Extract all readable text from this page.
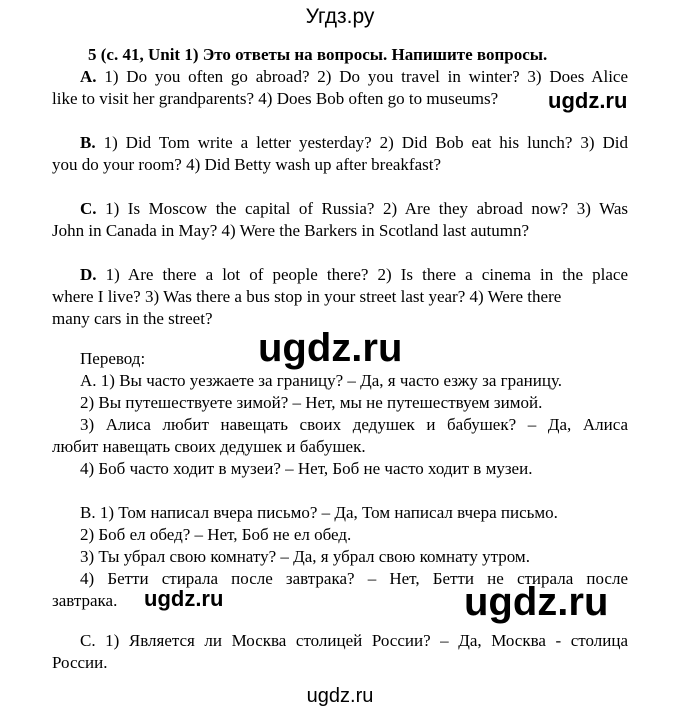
Угдз.ру
5 (с. 41, Unit 1) Это ответы на вопросы. Напишите вопросы.
A. 1) Do you often go abroad? 2) Do you travel in winter? 3) Does Alice
like to visit her grandparents? 4) Does Bob often go to museums?
B. 1) Did Tom write a letter yesterday? 2) Did Bob eat his lunch? 3) Did
you do your room? 4) Did Betty wash up after breakfast?
C. 1) Is Moscow the capital of Russia? 2) Are they abroad now? 3) Was
John in Canada in May? 4) Were the Barkers in Scotland last autumn?
D. 1) Are there a lot of people there? 2) Is there a cinema in the place
where I live? 3) Was there a bus stop in your street last year? 4) Were there
many cars in the street?
Перевод:
А. 1) Вы часто уезжаете за границу? – Да, я часто езжу за границу.
2) Вы путешествуете зимой? – Нет, мы не путешествуем зимой.
3) Алиса любит навещать своих дедушек и бабушек? – Да, Алиса
любит навещать своих дедушек и бабушек.
4) Боб часто ходит в музеи? – Нет, Боб не часто ходит в музеи.
В. 1) Том написал вчера письмо? – Да, Том написал вчера письмо.
2) Боб ел обед? – Нет, Боб не ел обед.
3) Ты убрал свою комнату? – Да, я убрал свою комнату утром.
4) Бетти стирала после завтрака? – Нет, Бетти не стирала после
завтрака.
С. 1) Является ли Москва столицей России? – Да, Москва - столица
России.
ugdz.ru
ugdz.ru
ugdz.ru	ugdz.ru
ugdz.ru
